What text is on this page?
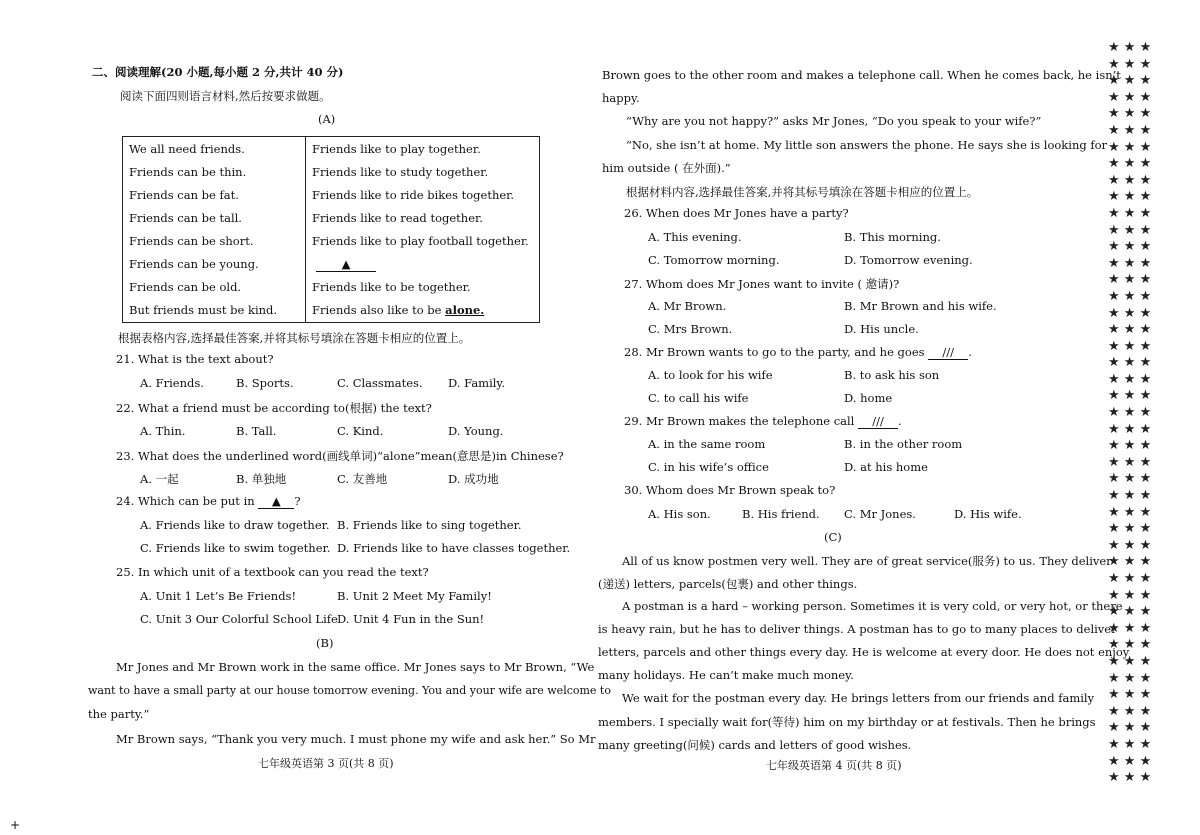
二、阅读理解(20 小题,每小题 2 分,共计 40 分)
阅读下面四则语言材料,然后按要求做题。
(A)
We all need friends.	Friends like to play together.
Friends can be thin.	Friends like to study together.
Friends can be fat.	Friends like to ride bikes together.
Friends can be tall.	Friends like to read together.
Friends can be short.	Friends like to play football together.
Friends can be young.	▲
Friends can be old.	Friends like to be together.
But friends must be kind.	Friends also like to be alone.
根据表格内容,选择最佳答案,并将其标号填涂在答题卡相应的位置上。
21. What is the text about?
A. Friends.	B. Sports.	C. Classmates. D. Family.
22. What a friend must be according to(根据) the text?
A. Thin.	B. Tall.	C. Kind.	D. Young.
23. What does the underlined word(画线单词)“alone”mean(意思是)in Chinese?
A. 一起	B. 单独地	C. 友善地	D. 成功地
24. Which can be put in ▲ ?
A. Friends like to draw together. B. Friends like to sing together.
C. Friends like to swim together. D. Friends like to have classes together.
25. In which unit of a textbook can you read the text?
A. Unit 1 Let’s Be Friends!	B. Unit 2 Meet My Family!
C. Unit 3 Our Colorful School Life D. Unit 4 Fun in the Sun!
(B)
Mr Jones and Mr Brown work in the same office. Mr Jones says to Mr Brown, “We
want to have a small party at our house tomorrow evening. You and your wife are welcome to
the party.”
Mr Brown says, “Thank you very much. I must phone my wife and ask her.” So Mr
七年级英语第 3 页(共 8 页)
Brown goes to the other room and makes a telephone call. When he comes back, he isn’t
happy.
“Why are you not happy?” asks Mr Jones, “Do you speak to your wife?”
“No, she isn’t at home. My little son answers the phone. He says she is looking for
him outside ( 在外面).”
根据材料内容,选择最佳答案,并将其标号填涂在答题卡相应的位置上。
26. When does Mr Jones have a party?
A. This evening.	B. This morning.
C. Tomorrow morning.	D. Tomorrow evening.
27. Whom does Mr Jones want to invite ( 邀请)?
A. Mr Brown.	B. Mr Brown and his wife.
C. Mrs Brown.	D. His uncle.
28. Mr Brown wants to go to the party, and he goes /// .
A. to look for his wife	B. to ask his son
C. to call his wife	D. home
29. Mr Brown makes the telephone call /// .
A. in the same room	B. in the other room
C. in his wife’s office	D. at his home
30. Whom does Mr Brown speak to?
A. His son.	B. His friend. C. Mr Jones.	D. His wife.
(C)
All of us know postmen very well. They are of great service(服务) to us. They deliver
(递送) letters, parcels(包裹) and other things.
A postman is a hard – working person. Sometimes it is very cold, or very hot, or there
is heavy rain, but he has to deliver things. A postman has to go to many places to deliver
letters, parcels and other things every day. He is welcome at every door. He does not enjoy
many holidays. He can’t make much money.
We wait for the postman every day. He brings letters from our friends and family
members. I specially wait for(等待) him on my birthday or at festivals. Then he brings
many greeting(问候) cards and letters of good wishes.
七年级英语第 4 页(共 8 页)
★ ★ ★
★ ★ ★
★ ★ ★
★ ★ ★
★ ★ ★
★ ★ ★
★ ★ ★
★ ★ ★
★ ★ ★
★ ★ ★
★ ★ ★
★ ★ ★
★ ★ ★
★ ★ ★
★ ★ ★
★ ★ ★
★ ★ ★
★ ★ ★
★ ★ ★
★ ★ ★
★ ★ ★
★ ★ ★
★ ★ ★
★ ★ ★
★ ★ ★
★ ★ ★
★ ★ ★
★ ★ ★
★ ★ ★
★ ★ ★
★ ★ ★
★ ★ ★
★ ★ ★
★ ★ ★
★ ★ ★
★ ★ ★
★ ★ ★
★ ★ ★
★ ★ ★
★ ★ ★
★ ★ ★
★ ★ ★
★ ★ ★
★ ★ ★
★ ★ ★
+
